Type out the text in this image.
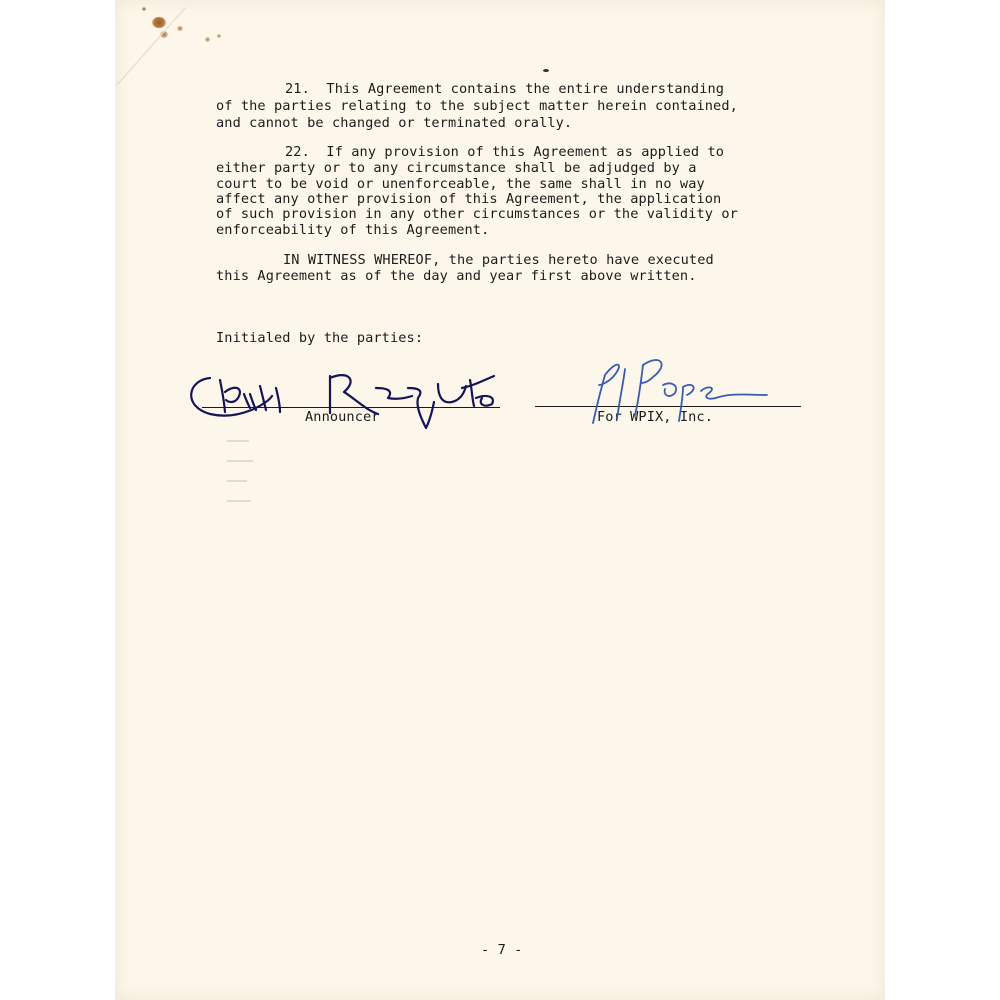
21.  This Agreement contains the entire understanding
of the parties relating to the subject matter herein contained,
and cannot be changed or terminated orally.
22.  If any provision of this Agreement as applied to
either party or to any circumstance shall be adjudged by a
court to be void or unenforceable, the same shall in no way
affect any other provision of this Agreement, the application
of such provision in any other circumstances or the validity or
enforceability of this Agreement.
IN WITNESS WHEREOF, the parties hereto have executed
this Agreement as of the day and year first above written.
Initialed by the parties:
Announcer	For WPIX, Inc.
- 7 -
